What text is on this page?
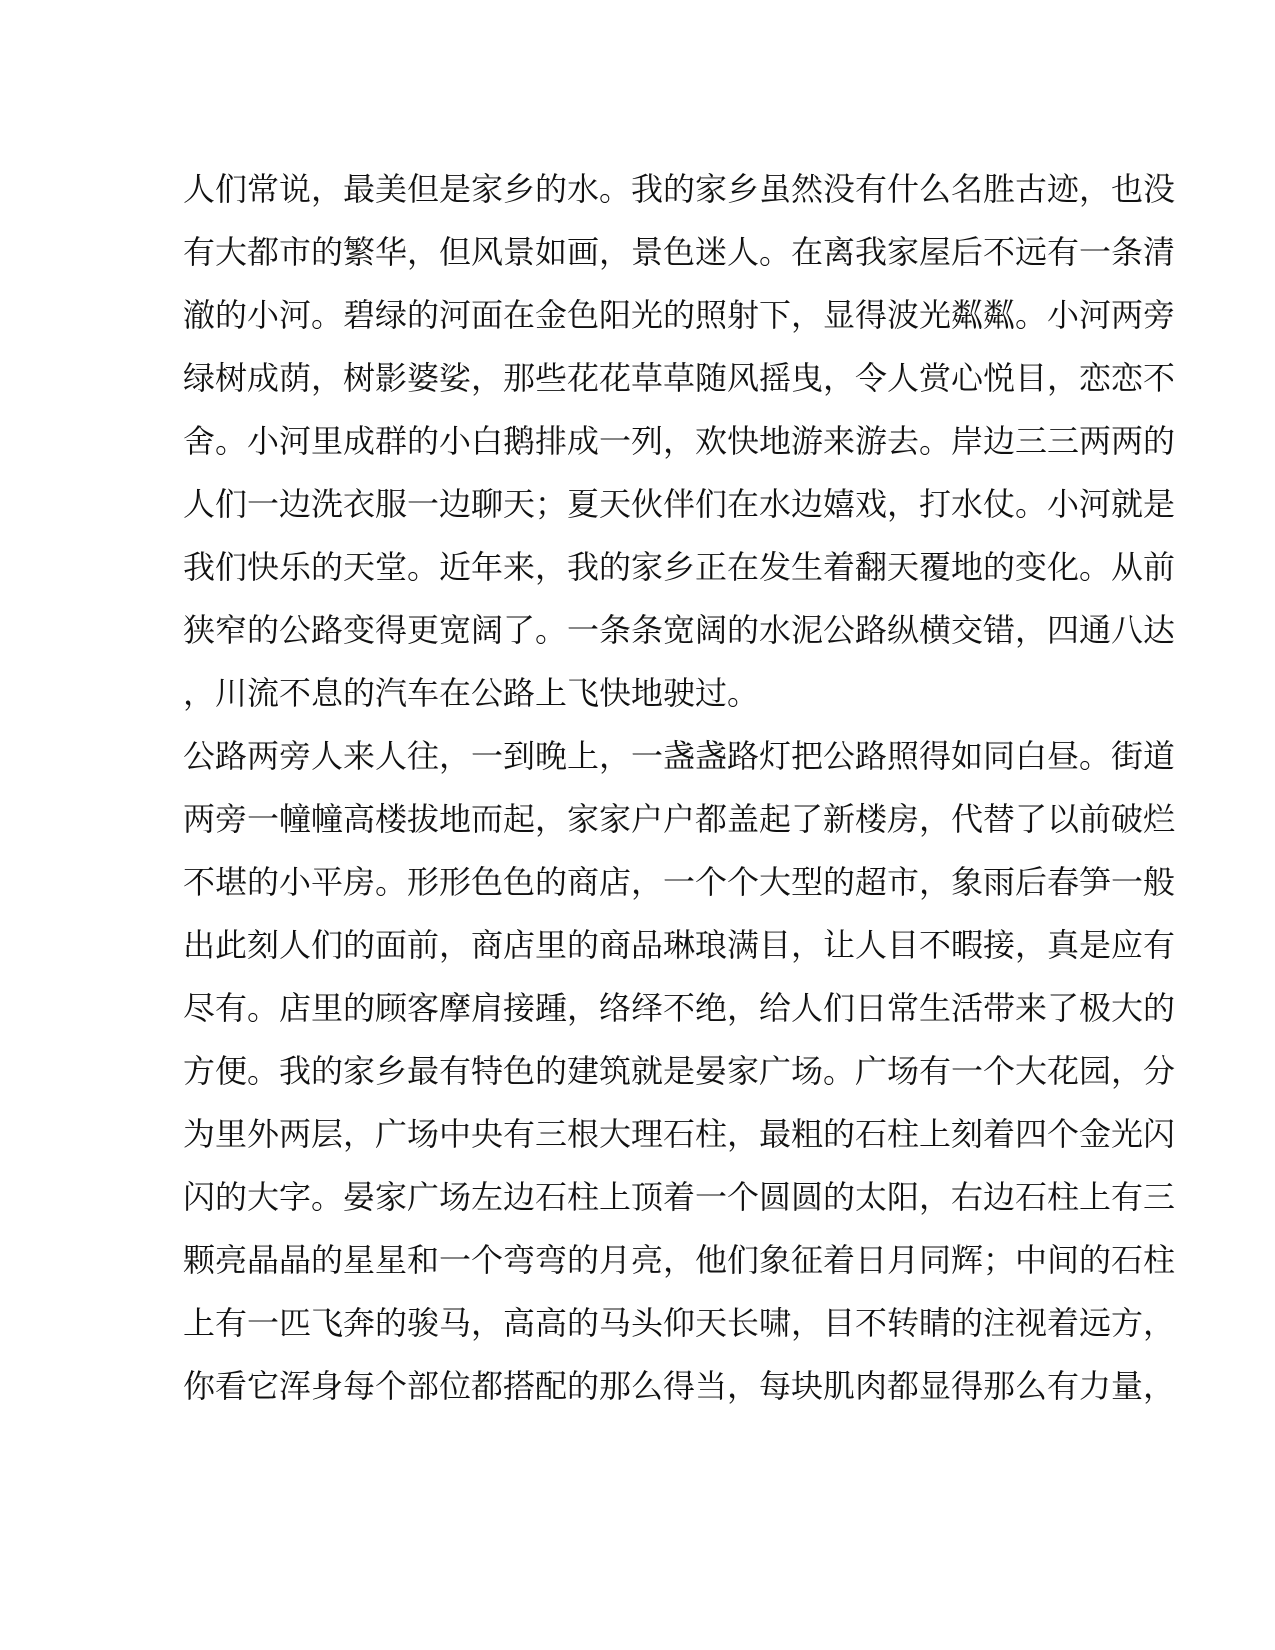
人们常说，最美但是家乡的水。我的家乡虽然没有什么名胜古迹，也没
有大都市的繁华，但风景如画，景色迷人。在离我家屋后不远有一条清
澈的小河。碧绿的河面在金色阳光的照射下，显得波光粼粼。小河两旁
绿树成荫，树影婆娑，那些花花草草随风摇曳，令人赏心悦目，恋恋不
舍。小河里成群的小白鹅排成一列，欢快地游来游去。岸边三三两两的
人们一边洗衣服一边聊天；夏天伙伴们在水边嬉戏，打水仗。小河就是
我们快乐的天堂。近年来，我的家乡正在发生着翻天覆地的变化。从前
狭窄的公路变得更宽阔了。一条条宽阔的水泥公路纵横交错，四通八达
，川流不息的汽车在公路上飞快地驶过。
公路两旁人来人往，一到晚上，一盏盏路灯把公路照得如同白昼。街道
两旁一幢幢高楼拔地而起，家家户户都盖起了新楼房，代替了以前破烂
不堪的小平房。形形色色的商店，一个个大型的超市，象雨后春笋一般
出此刻人们的面前，商店里的商品琳琅满目，让人目不暇接，真是应有
尽有。店里的顾客摩肩接踵，络绎不绝，给人们日常生活带来了极大的
方便。我的家乡最有特色的建筑就是晏家广场。广场有一个大花园，分
为里外两层，广场中央有三根大理石柱，最粗的石柱上刻着四个金光闪
闪的大字。晏家广场左边石柱上顶着一个圆圆的太阳，右边石柱上有三
颗亮晶晶的星星和一个弯弯的月亮，他们象征着日月同辉；中间的石柱
上有一匹飞奔的骏马，高高的马头仰天长啸，目不转睛的注视着远方，
你看它浑身每个部位都搭配的那么得当，每块肌肉都显得那么有力量，
